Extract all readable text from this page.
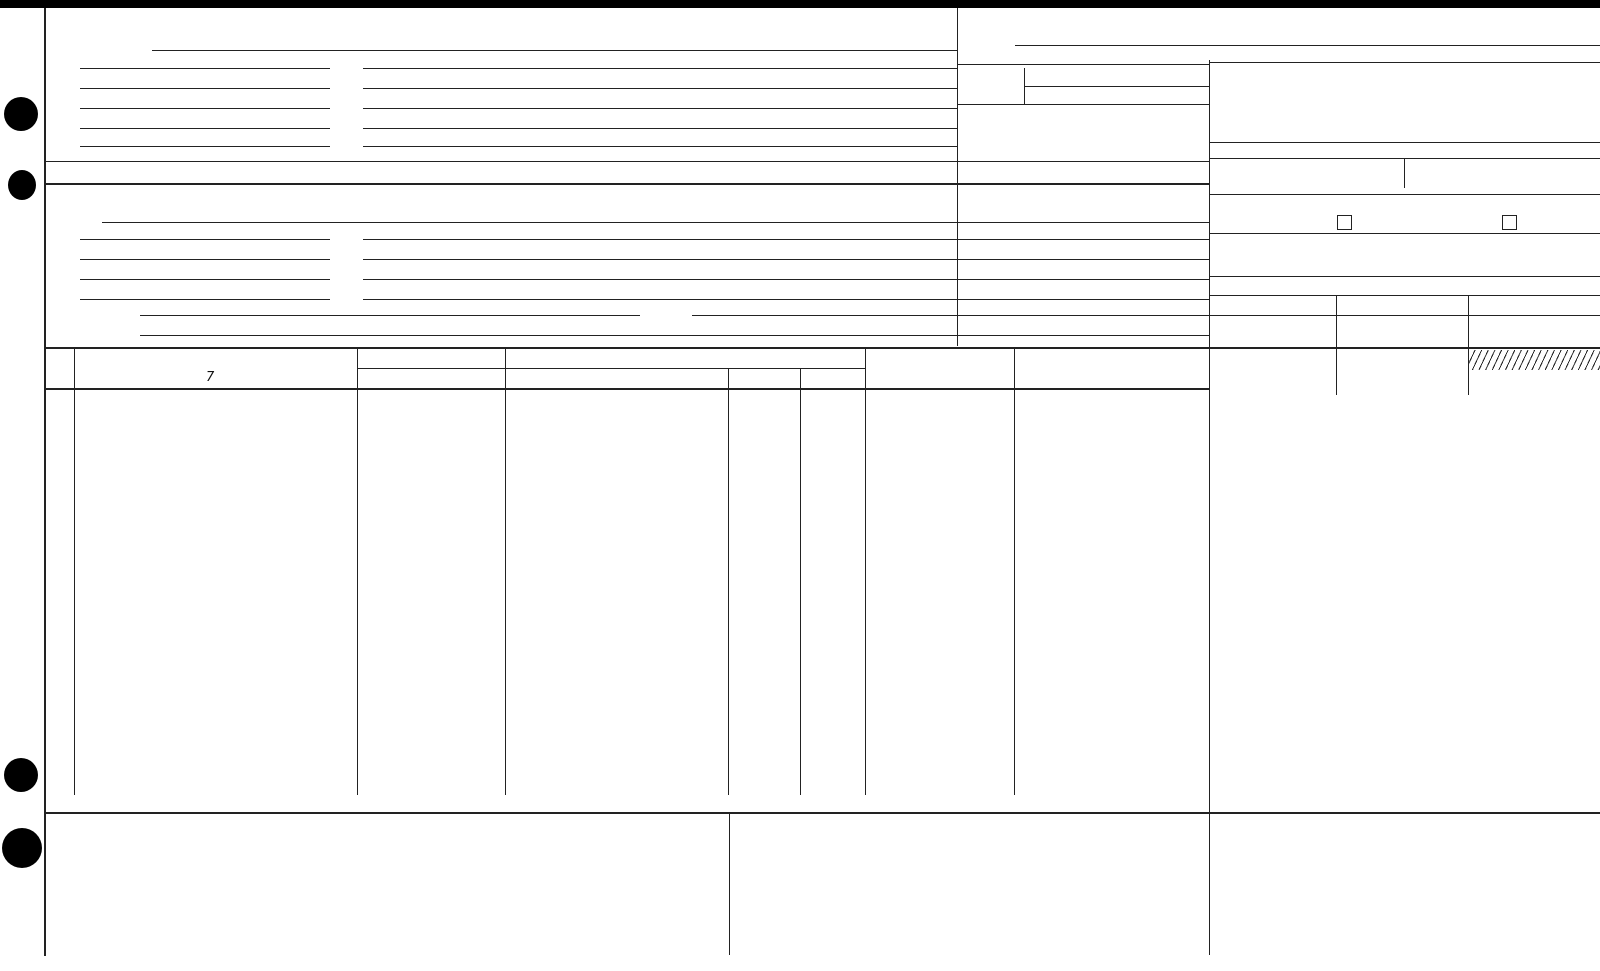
7
